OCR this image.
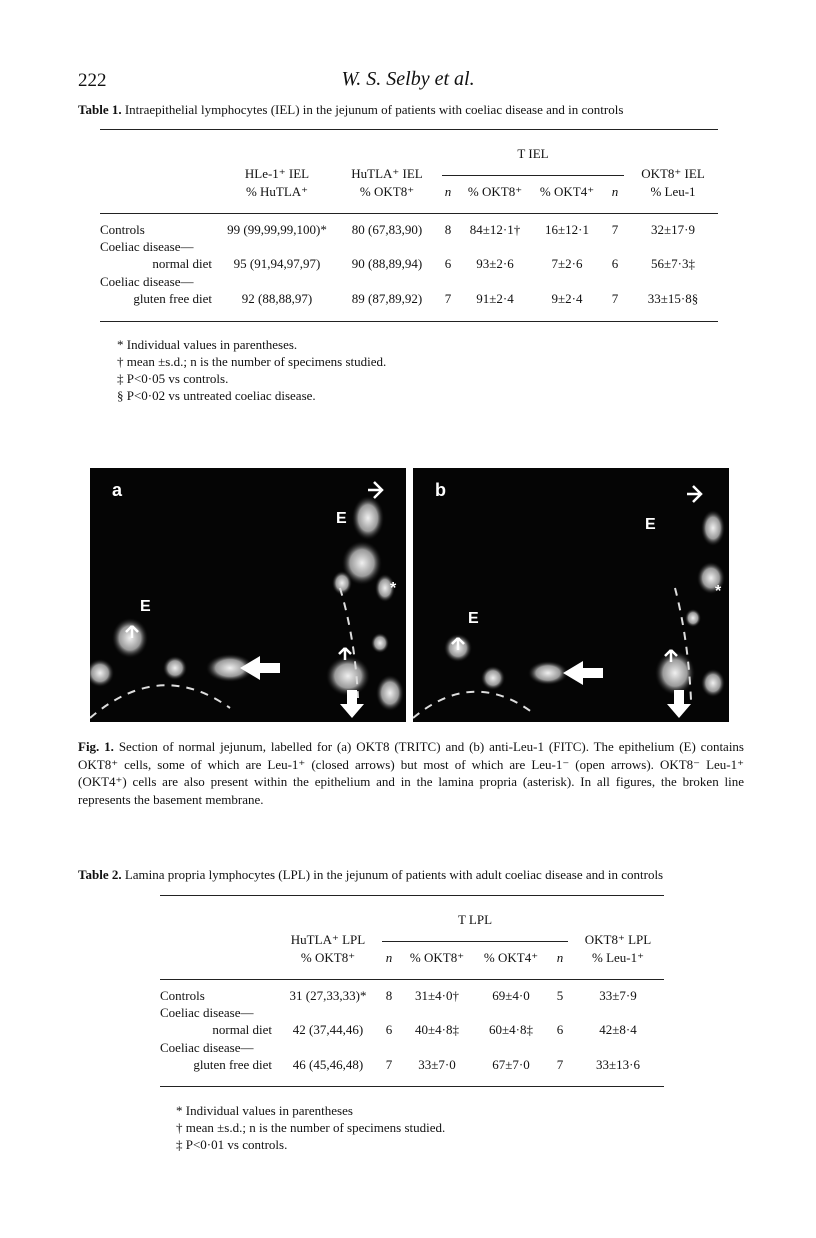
222	W. S. Selby et al.
Table 1. Intraepithelial lymphocytes (IEL) in the jejunum of patients with coeliac disease and in controls
			T IEL				
	HLe-1⁺ IEL	HuTLA⁺ IEL					OKT8⁺ IEL
	% HuTLA⁺	% OKT8⁺	n	% OKT8⁺	% OKT4⁺	n	% Leu-1

Controls	99 (99,99,99,100)*	80 (67,83,90)	8	84±12·1†	16±12·1	7	32±17·9
Coeliac disease—							
normal diet	95 (91,94,97,97)	90 (88,89,94)	6	93±2·6	7±2·6	6	56±7·3‡
Coeliac disease—							
gluten free diet	92 (88,88,97)	89 (87,89,92)	7	91±2·4	9±2·4	7	33±15·8§
* Individual values in parentheses.
† mean ±s.d.; n is the number of specimens studied.
‡ P<0·05 vs controls.
§ P<0·02 vs untreated coeliac disease.
*
a
E
E
*
b
E
E
Fig. 1. Section of normal jejunum, labelled for (a) OKT8 (TRITC) and (b) anti-Leu-1 (FITC). The epithelium (E) contains OKT8⁺ cells, some of which are Leu-1⁺ (closed arrows) but most of which are Leu-1⁻ (open arrows). OKT8⁻ Leu-1⁺ (OKT4⁺) cells are also present within the epithelium and in the lamina propria (asterisk). In all figures, the broken line represents the basement membrane.
Table 2. Lamina propria lymphocytes (LPL) in the jejunum of patients with adult coeliac disease and in controls
		T LPL				
	HuTLA⁺ LPL					OKT8⁺ LPL
	% OKT8⁺	n	% OKT8⁺	% OKT4⁺	n	% Leu-1⁺

Controls	31 (27,33,33)*	8	31±4·0†	69±4·0	5	33±7·9
Coeliac disease—						
normal diet	42 (37,44,46)	6	40±4·8‡	60±4·8‡	6	42±8·4
Coeliac disease—						
gluten free diet	46 (45,46,48)	7	33±7·0	67±7·0	7	33±13·6
* Individual values in parentheses
† mean ±s.d.; n is the number of specimens studied.
‡ P<0·01 vs controls.
